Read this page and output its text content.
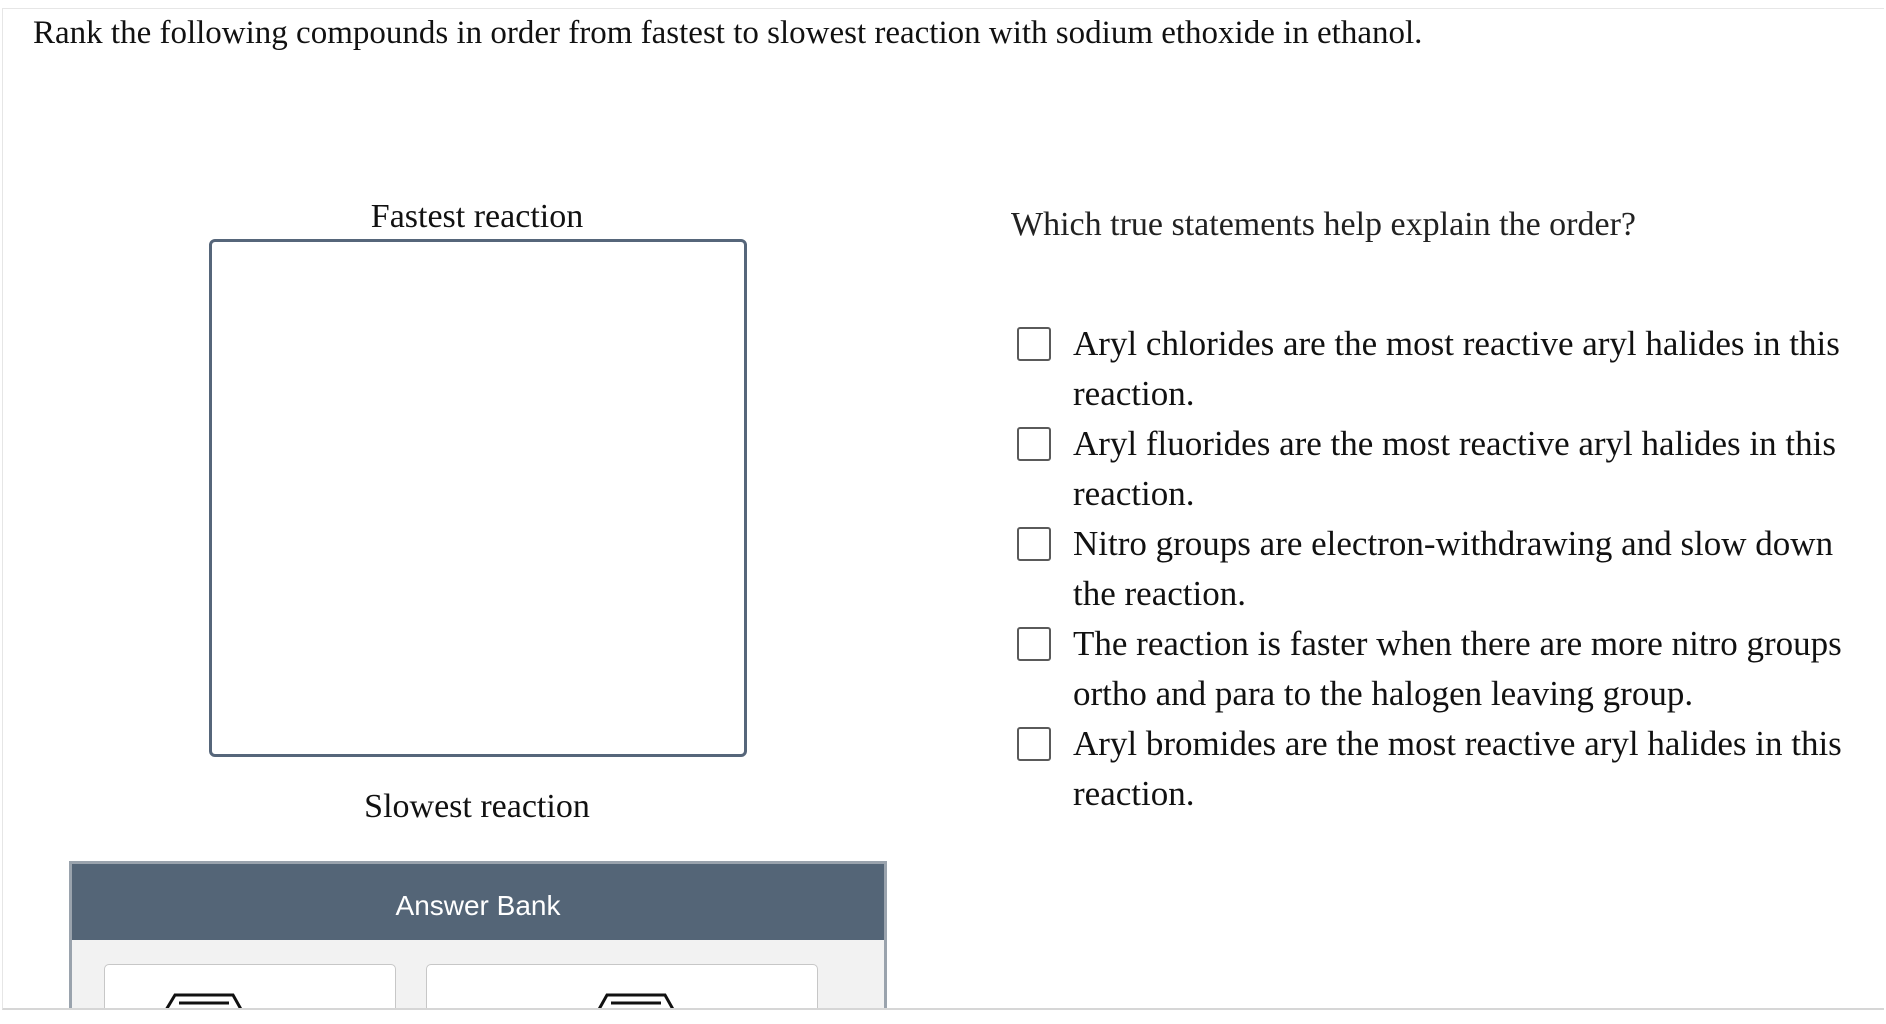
Rank the following compounds in order from fastest to slowest reaction with sodium ethoxide in ethanol.
Fastest reaction
Slowest reaction
Answer Bank
Which true statements help explain the order?
Aryl chlorides are the most reactive aryl halides in this reaction.
Aryl fluorides are the most reactive aryl halides in this reaction.
Nitro groups are electron-withdrawing and slow down the reaction.
The reaction is faster when there are more nitro groups ortho and para to the halogen leaving group.
Aryl bromides are the most reactive aryl halides in this reaction.
